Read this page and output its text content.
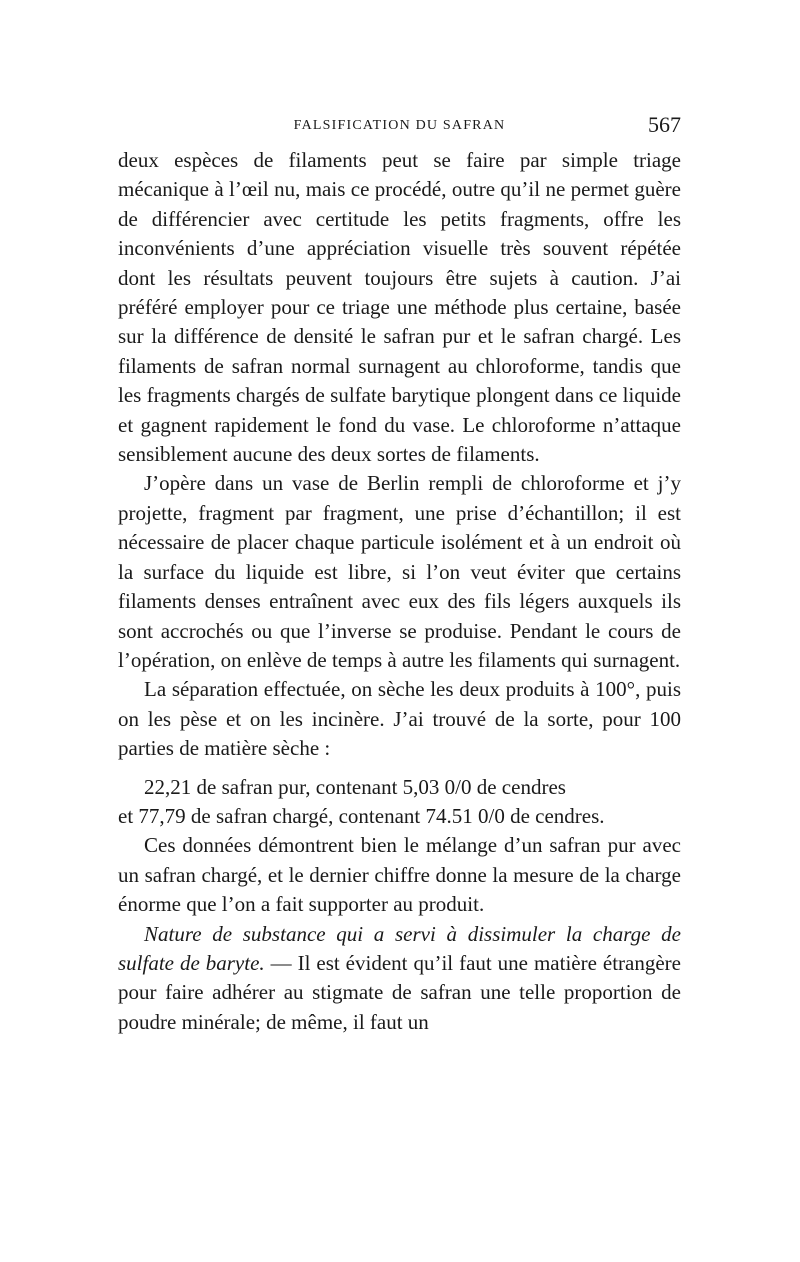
FALSIFICATION DU SAFRAN	567

deux espèces de filaments peut se faire par simple triage mécanique à l’œil nu, mais ce procédé, outre qu’il ne permet guère de différencier avec certitude les petits fragments, offre les inconvénients d’une appréciation visuelle très souvent répétée dont les résultats peuvent toujours être sujets à caution. J’ai préféré employer pour ce triage une méthode plus certaine, basée sur la différence de densité le safran pur et le safran chargé. Les filaments de safran normal surnagent au chloroforme, tandis que les fragments chargés de sulfate barytique plongent dans ce liquide et gagnent rapidement le fond du vase. Le chloroforme n’attaque sensiblement aucune des deux sortes de filaments.

J’opère dans un vase de Berlin rempli de chloroforme et j’y projette, fragment par fragment, une prise d’échantillon; il est nécessaire de placer chaque particule isolément et à un endroit où la surface du liquide est libre, si l’on veut éviter que certains filaments denses entraînent avec eux des fils légers auxquels ils sont accrochés ou que l’inverse se produise. Pendant le cours de l’opération, on enlève de temps à autre les filaments qui surnagent.

La séparation effectuée, on sèche les deux produits à 100°, puis on les pèse et on les incinère. J’ai trouvé de la sorte, pour 100 parties de matière sèche :

22,21 de safran pur, contenant 5,03 0/0 de cendres
et 77,79 de safran chargé, contenant 74.51 0/0 de cendres.

Ces données démontrent bien le mélange d’un safran pur avec un safran chargé, et le dernier chiffre donne la mesure de la charge énorme que l’on a fait supporter au produit.

Nature de substance qui a servi à dissimuler la charge de sulfate de baryte. — Il est évident qu’il faut une matière étrangère pour faire adhérer au stigmate de safran une telle proportion de poudre minérale; de même, il faut un
